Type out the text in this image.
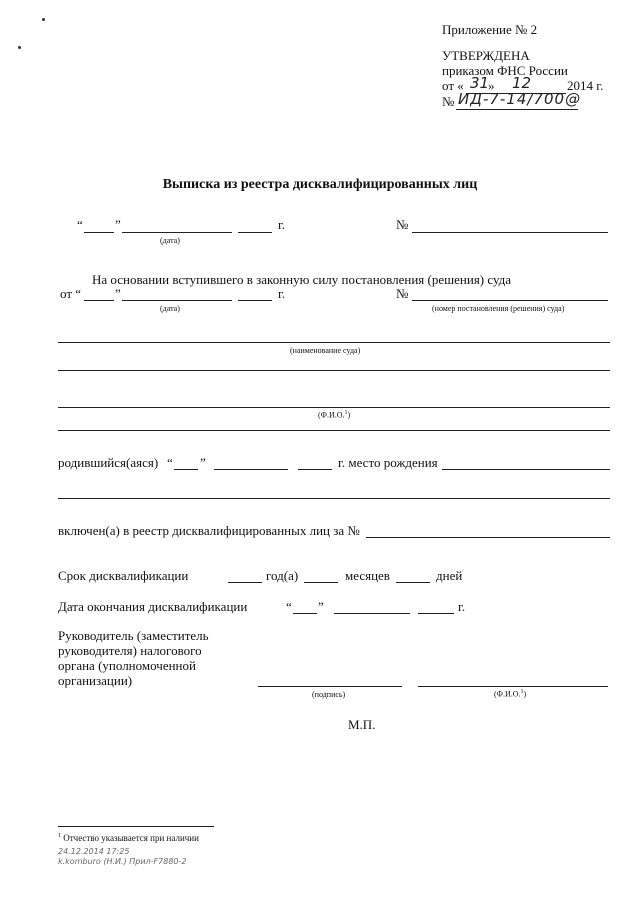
Приложение № 2
УТВЕРЖДЕНА
приказом ФНС России
от « 31
» 12	2014 г.
№ ИД-7-14/700@
Выписка из реестра дисквалифицированных лиц
“ ”	г.
(дата)
№
На основании вступившего в законную силу постановления (решения) суда
от “	”	г.
(дата)
№
(номер постановления (решения) суда)
(наименование суда)
(Ф.И.О.$^1$)
родившийся(аяся) “ ”	г. место рождения
включен(а) в реестр дисквалифицированных лиц за №
Срок дисквалификации	год(а)	месяцев	дней
Дата окончания дисквалификации	“ ”	г.
Руководитель (заместитель
руководителя) налогового
органа (уполномоченной
организации)
(подпись)	(Ф.И.О.$^1$)
М.П.
$^1$ Отчество указывается при наличии
24.12.2014 17:25
k.komburo (Н.И.) Прил-F7880-2
